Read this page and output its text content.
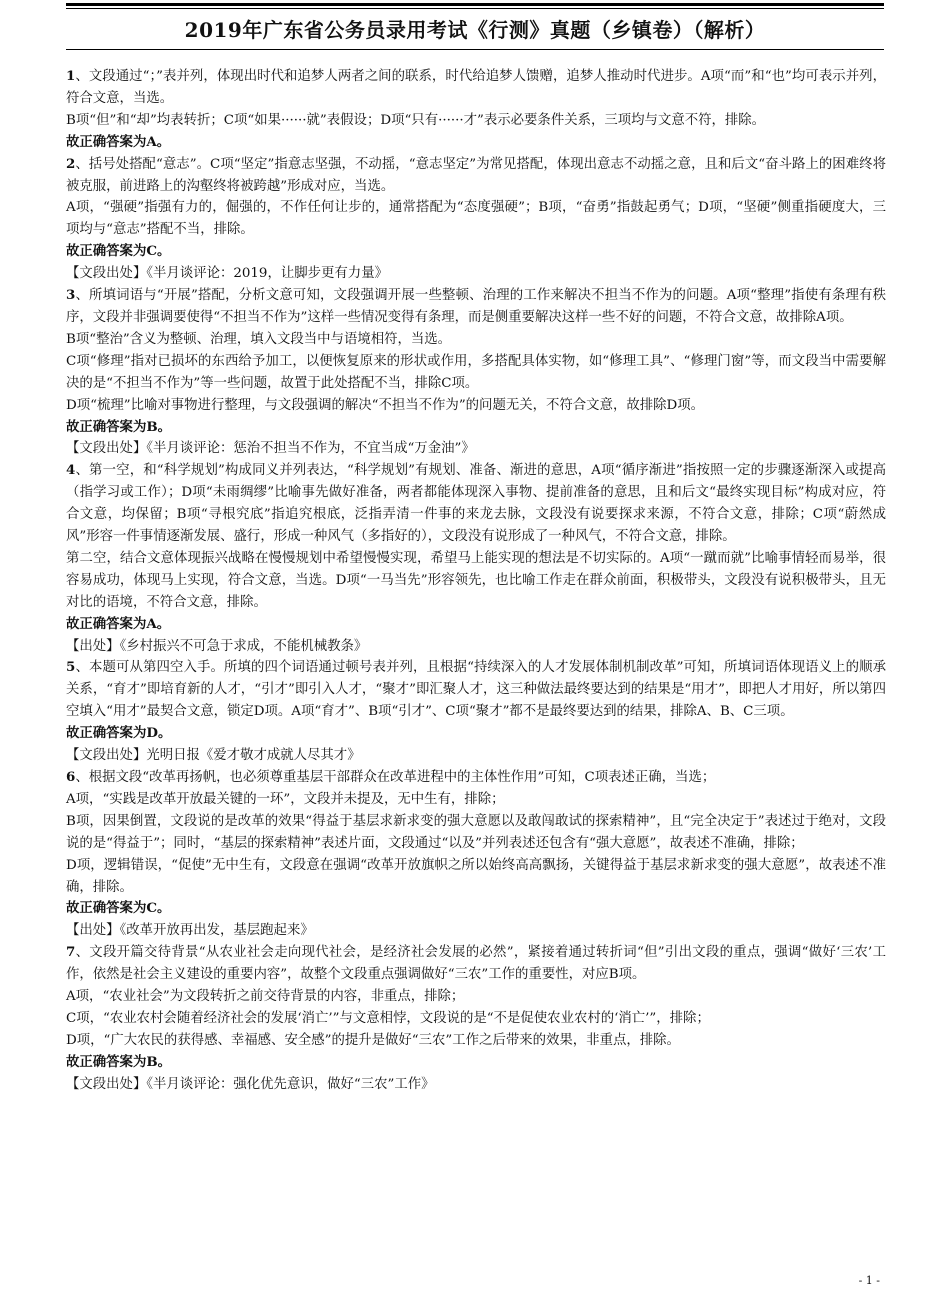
2019年广东省公务员录用考试《行测》真题（乡镇卷）（解析）

1、文段通过“；”表并列，体现出时代和追梦人两者之间的联系，时代给追梦人馈赠，追梦人推动时代进步。A项“而”和“也”均可表示并列，符合文意，当选。

B项“但”和“却”均表转折；C项“如果······就”表假设；D项“只有······才”表示必要条件关系，三项均与文意不符，排除。

故正确答案为A。

2、括号处搭配“意志”。C项“坚定”指意志坚强，不动摇，“意志坚定”为常见搭配，体现出意志不动摇之意，且和后文“奋斗路上的困难终将被克服，前进路上的沟壑终将被跨越”形成对应，当选。

A项，“强硬”指强有力的，倔强的，不作任何让步的，通常搭配为“态度强硬”；B项，“奋勇”指鼓起勇气；D项，“坚硬”侧重指硬度大，三项均与“意志”搭配不当，排除。

故正确答案为C。

【文段出处】《半月谈评论：2019，让脚步更有力量》

3、所填词语与“开展”搭配，分析文意可知，文段强调开展一些整顿、治理的工作来解决不担当不作为的问题。A项“整理”指使有条理有秩序，文段并非强调要使得“不担当不作为”这样一些情况变得有条理，而是侧重要解决这样一些不好的问题，不符合文意，故排除A项。

B项“整治”含义为整顿、治理，填入文段当中与语境相符，当选。

C项“修理”指对已损坏的东西给予加工，以便恢复原来的形状或作用，多搭配具体实物，如“修理工具”、“修理门窗”等，而文段当中需要解决的是“不担当不作为”等一些问题，故置于此处搭配不当，排除C项。

D项“梳理”比喻对事物进行整理，与文段强调的解决“不担当不作为”的问题无关，不符合文意，故排除D项。

故正确答案为B。

【文段出处】《半月谈评论：惩治不担当不作为，不宜当成“万金油”》

4、第一空，和“科学规划”构成同义并列表达，“科学规划”有规划、准备、渐进的意思，A项“循序渐进”指按照一定的步骤逐渐深入或提高（指学习或工作）；D项“未雨绸缪”比喻事先做好准备，两者都能体现深入事物、提前准备的意思，且和后文“最终实现目标”构成对应，符合文意，均保留；B项“寻根究底”指追究根底，泛指弄清一件事的来龙去脉，文段没有说要探求来源，不符合文意，排除；C项“蔚然成风”形容一件事情逐渐发展、盛行，形成一种风气（多指好的），文段没有说形成了一种风气，不符合文意，排除。

第二空，结合文意体现振兴战略在慢慢规划中希望慢慢实现，希望马上能实现的想法是不切实际的。A项“一蹴而就”比喻事情轻而易举，很容易成功，体现马上实现，符合文意，当选。D项“一马当先”形容领先，也比喻工作走在群众前面，积极带头，文段没有说积极带头，且无对比的语境，不符合文意，排除。

故正确答案为A。

【出处】《乡村振兴不可急于求成，不能机械教条》

5、本题可从第四空入手。所填的四个词语通过顿号表并列，且根据“持续深入的人才发展体制机制改革”可知，所填词语体现语义上的顺承关系，“育才”即培育新的人才，“引才”即引入人才，“聚才”即汇聚人才，这三种做法最终要达到的结果是“用才”，即把人才用好，所以第四空填入“用才”最契合文意，锁定D项。A项“育才”、B项“引才”、C项“聚才”都不是最终要达到的结果，排除A、B、C三项。

故正确答案为D。

【文段出处】光明日报《爱才敬才成就人尽其才》

6、根据文段“改革再扬帆，也必须尊重基层干部群众在改革进程中的主体性作用”可知，C项表述正确，当选；

A项，“实践是改革开放最关键的一环”，文段并未提及，无中生有，排除；

B项，因果倒置，文段说的是改革的效果“得益于基层求新求变的强大意愿以及敢闯敢试的探索精神”，且“完全决定于”表述过于绝对，文段说的是“得益于”；同时，“基层的探索精神”表述片面，文段通过“以及”并列表述还包含有“强大意愿”，故表述不准确，排除；

D项，逻辑错误，“促使”无中生有，文段意在强调“改革开放旗帜之所以始终高高飘扬，关键得益于基层求新求变的强大意愿”，故表述不准确，排除。

故正确答案为C。

【出处】《改革开放再出发，基层跑起来》

7、文段开篇交待背景“从农业社会走向现代社会，是经济社会发展的必然”，紧接着通过转折词“但”引出文段的重点，强调“做好‘三农’工作，依然是社会主义建设的重要内容”，故整个文段重点强调做好“三农”工作的重要性，对应B项。

A项，“农业社会”为文段转折之前交待背景的内容，非重点，排除；

C项，“农业农村会随着经济社会的发展‘消亡’”与文意相悖，文段说的是“不是促使农业农村的‘消亡’”，排除；

D项，“广大农民的获得感、幸福感、安全感”的提升是做好“三农”工作之后带来的效果，非重点，排除。

故正确答案为B。

【文段出处】《半月谈评论：强化优先意识，做好“三农”工作》

- 1 -
